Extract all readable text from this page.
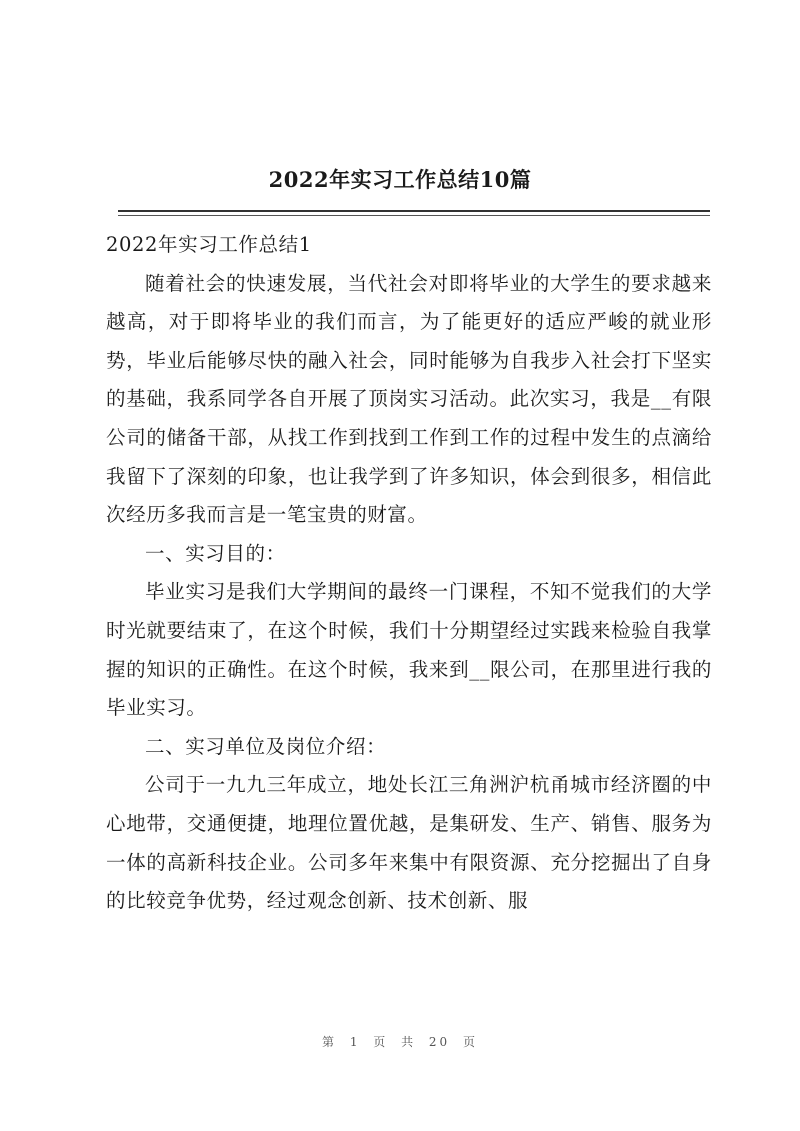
2022年实习工作总结10篇

2022年实习工作总结1

随着社会的快速发展，当代社会对即将毕业的大学生的要求越来越高，对于即将毕业的我们而言，为了能更好的适应严峻的就业形势，毕业后能够尽快的融入社会，同时能够为自我步入社会打下坚实的基础，我系同学各自开展了顶岗实习活动。此次实习，我是__有限公司的储备干部，从找工作到找到工作到工作的过程中发生的点滴给我留下了深刻的印象，也让我学到了许多知识，体会到很多，相信此次经历多我而言是一笔宝贵的财富。

一、实习目的：

毕业实习是我们大学期间的最终一门课程，不知不觉我们的大学时光就要结束了，在这个时候，我们十分期望经过实践来检验自我掌握的知识的正确性。在这个时候，我来到__限公司，在那里进行我的毕业实习。

二、实习单位及岗位介绍：

公司于一九九三年成立，地处长江三角洲沪杭甬城市经济圈的中心地带，交通便捷，地理位置优越，是集研发、生产、销售、服务为一体的高新科技企业。公司多年来集中有限资源、充分挖掘出了自身的比较竞争优势，经过观念创新、技术创新、服

第 1 页 共 20 页
